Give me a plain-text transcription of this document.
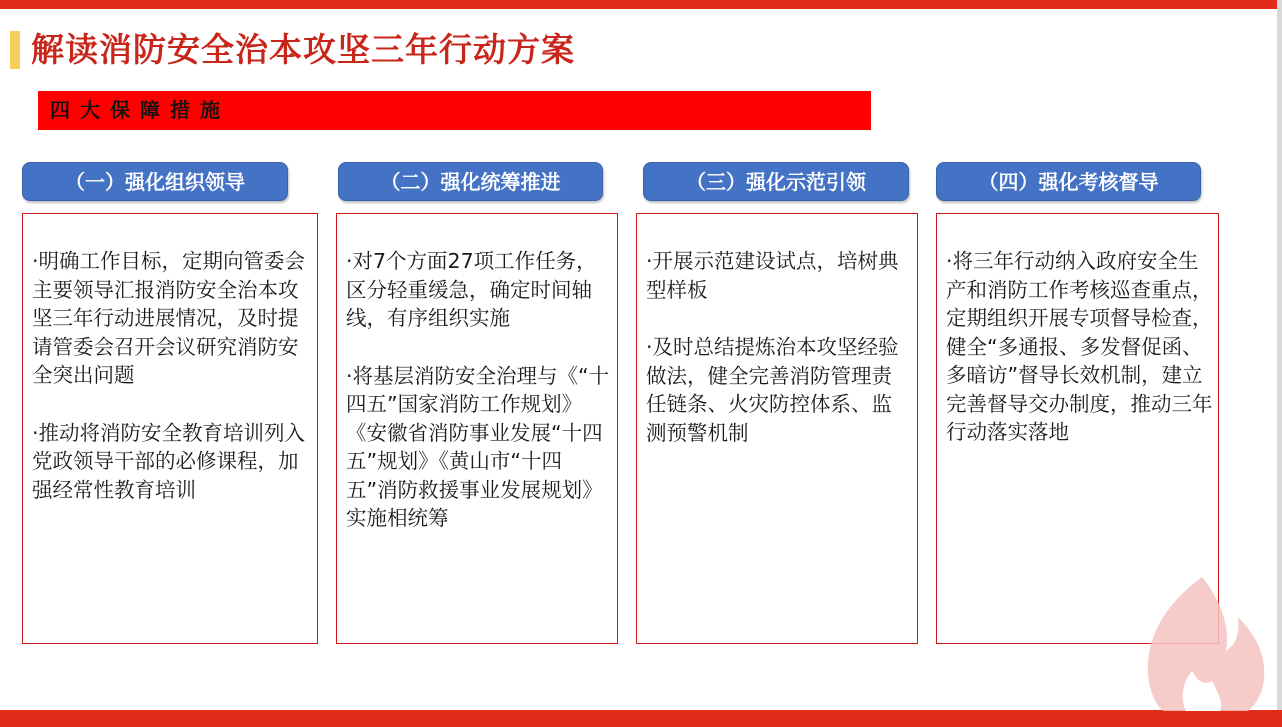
解读消防安全治本攻坚三年行动方案
四大保障措施
（一）强化组织领导	（二）强化统筹推进	（三）强化示范引领	（四）强化考核督导

·明确工作目标，定期向管委会主要领导汇报消防安全治本攻坚三年行动进展情况，及时提请管委会召开会议研究消防安全突出问题

·推动将消防安全教育培训列入党政领导干部的必修课程，加强经常性教育培训

·对7个方面27项工作任务，区分轻重缓急，确定时间轴线，有序组织实施

·将基层消防安全治理与《“十四五”国家消防工作规划》《安徽省消防事业发展“十四五”规划》《黄山市“十四五”消防救援事业发展规划》实施相统筹

·开展示范建设试点，培树典型样板

·及时总结提炼治本攻坚经验做法，健全完善消防管理责任链条、火灾防控体系、监测预警机制

·将三年行动纳入政府安全生产和消防工作考核巡查重点，定期组织开展专项督导检查，健全“多通报、多发督促函、多暗访”督导长效机制，建立完善督导交办制度，推动三年行动落实落地
